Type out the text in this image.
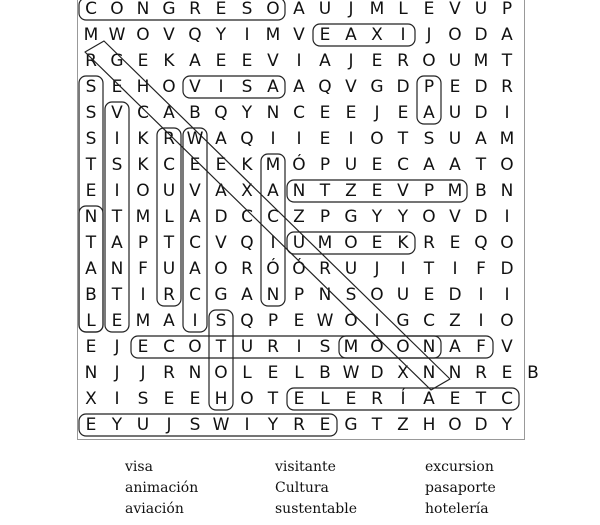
C O N G R E S O A U	J M L E V U P
M W O V Q Y	I M V E A X	I	J O D A
R G E K A E E V	I	A	J	E R O U M T
S E H O V	I	S A A Q V G D P E D R
S V C A B Q Y N C E E	J	E A U D I
S	I	K R W A Q I	I	E	I O T S U A M
T S K C E E K M Ó P U E C A A T O
E	I O U V A X A N T Z E V P M B N
N T M L A D C C Z P G Y Y O V D I
T A P T C V Q I	U M O E K R E Q O
A N F U A O R Ó Ó R U	J	I	T	I	F D
B T	I	R C G A N P N S O U E D I	I
L E M A	I	S Q P E W O I G C Z	I O
E	J	E C O T U R	I	S M O O N A F V
N	J	J	R N O L E L B W D X N N R E B
X	I	S E E H O T E L E R	Í	A E T C
E Y U	J	S W I	Y R E G T Z H O D Y
visa	visitante	excursion
animación	Cultura	pasaporte
aviación	sustentable	hotelería
